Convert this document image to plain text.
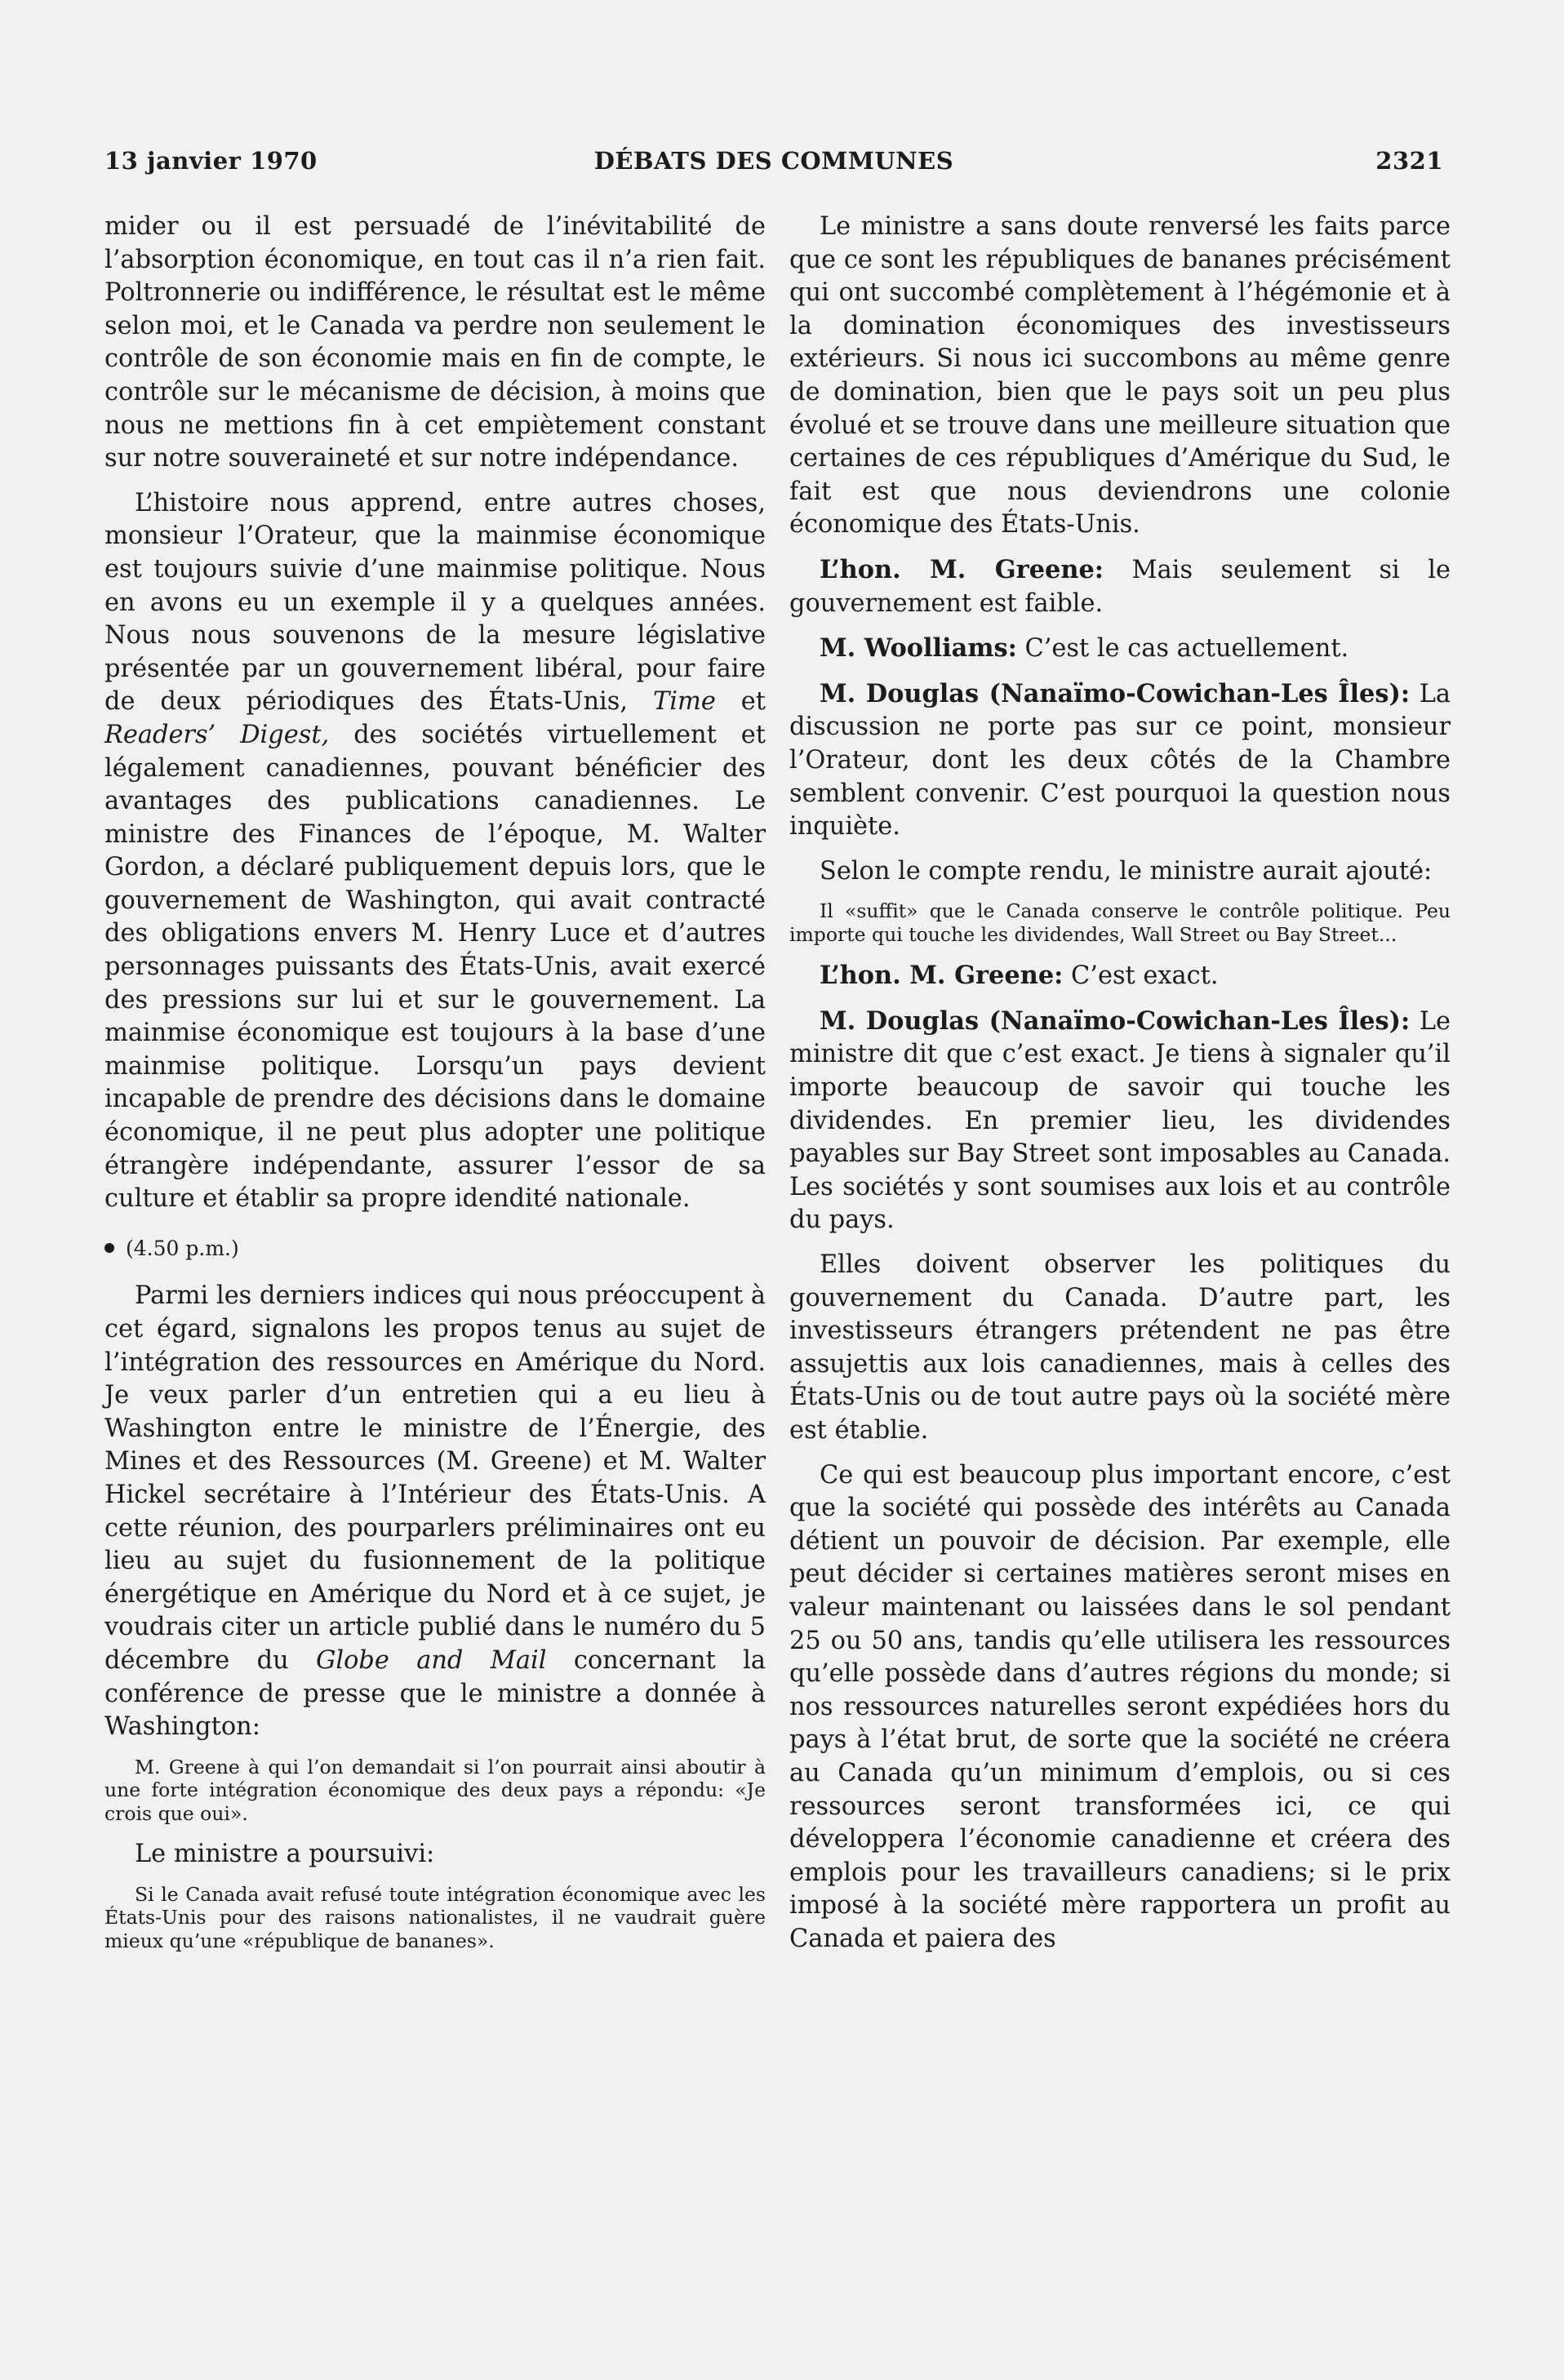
13 janvier 1970	DÉBATS DES COMMUNES	2321

mider ou il est persuadé de l’inévitabilité de l’absorption économique, en tout cas il n’a rien fait. Poltronnerie ou indifférence, le résultat est le même selon moi, et le Canada va perdre non seulement le contrôle de son économie mais en fin de compte, le contrôle sur le mécanisme de décision, à moins que nous ne mettions fin à cet empiètement constant sur notre souveraineté et sur notre indépendance.

L’histoire nous apprend, entre autres choses, monsieur l’Orateur, que la mainmise économique est toujours suivie d’une mainmise politique. Nous en avons eu un exemple il y a quelques années. Nous nous souvenons de la mesure législative présentée par un gouvernement libéral, pour faire de deux périodiques des États-Unis, Time et Readers’ Digest, des sociétés virtuellement et légalement canadiennes, pouvant bénéficier des avantages des publications canadiennes. Le ministre des Finances de l’époque, M. Walter Gordon, a déclaré publiquement depuis lors, que le gouvernement de Washington, qui avait contracté des obligations envers M. Henry Luce et d’autres personnages puissants des États-Unis, avait exercé des pressions sur lui et sur le gouvernement. La mainmise économique est toujours à la base d’une mainmise politique. Lorsqu’un pays devient incapable de prendre des décisions dans le domaine économique, il ne peut plus adopter une politique étrangère indépendante, assurer l’essor de sa culture et établir sa propre idendité nationale.

(4.50 p.m.)

Parmi les derniers indices qui nous préoccupent à cet égard, signalons les propos tenus au sujet de l’intégration des ressources en Amérique du Nord. Je veux parler d’un entretien qui a eu lieu à Washington entre le ministre de l’Énergie, des Mines et des Ressources (M. Greene) et M. Walter Hickel secrétaire à l’Intérieur des États-Unis. A cette réunion, des pourparlers préliminaires ont eu lieu au sujet du fusionnement de la politique énergétique en Amérique du Nord et à ce sujet, je voudrais citer un article publié dans le numéro du 5 décembre du Globe and Mail concernant la conférence de presse que le ministre a donnée à Washington:

M. Greene à qui l’on demandait si l’on pourrait ainsi aboutir à une forte intégration économique des deux pays a répondu: «Je crois que oui».

Le ministre a poursuivi:

Si le Canada avait refusé toute intégration économique avec les États-Unis pour des raisons nationalistes, il ne vaudrait guère mieux qu’une «république de bananes».

Le ministre a sans doute renversé les faits parce que ce sont les républiques de bananes précisément qui ont succombé complètement à l’hégémonie et à la domination économiques des investisseurs extérieurs. Si nous ici succombons au même genre de domination, bien que le pays soit un peu plus évolué et se trouve dans une meilleure situation que certaines de ces républiques d’Amérique du Sud, le fait est que nous deviendrons une colonie économique des États-Unis.

L’hon. M. Greene: Mais seulement si le gouvernement est faible.

M. Woolliams: C’est le cas actuellement.

M. Douglas (Nanaïmo-Cowichan-Les Îles): La discussion ne porte pas sur ce point, monsieur l’Orateur, dont les deux côtés de la Chambre semblent convenir. C’est pourquoi la question nous inquiète.

Selon le compte rendu, le ministre aurait ajouté:

Il «suffit» que le Canada conserve le contrôle politique. Peu importe qui touche les dividendes, Wall Street ou Bay Street...

L’hon. M. Greene: C’est exact.

M. Douglas (Nanaïmo-Cowichan-Les Îles): Le ministre dit que c’est exact. Je tiens à signaler qu’il importe beaucoup de savoir qui touche les dividendes. En premier lieu, les dividendes payables sur Bay Street sont imposables au Canada. Les sociétés y sont soumises aux lois et au contrôle du pays.

Elles doivent observer les politiques du gouvernement du Canada. D’autre part, les investisseurs étrangers prétendent ne pas être assujettis aux lois canadiennes, mais à celles des États-Unis ou de tout autre pays où la société mère est établie.

Ce qui est beaucoup plus important encore, c’est que la société qui possède des intérêts au Canada détient un pouvoir de décision. Par exemple, elle peut décider si certaines matières seront mises en valeur maintenant ou laissées dans le sol pendant 25 ou 50 ans, tandis qu’elle utilisera les ressources qu’elle possède dans d’autres régions du monde; si nos ressources naturelles seront expédiées hors du pays à l’état brut, de sorte que la société ne créera au Canada qu’un minimum d’emplois, ou si ces ressources seront transformées ici, ce qui développera l’économie canadienne et créera des emplois pour les travailleurs canadiens; si le prix imposé à la société mère rapportera un profit au Canada et paiera des
